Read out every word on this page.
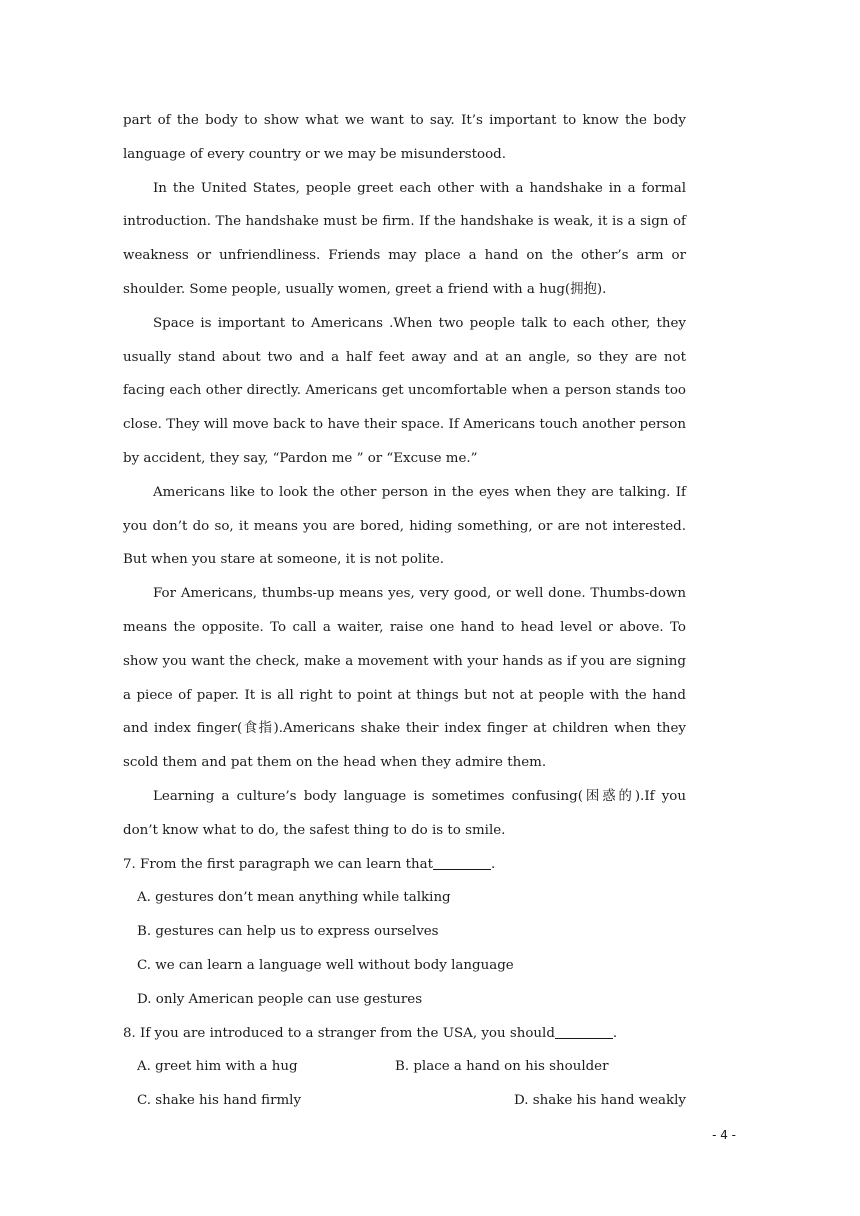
part of the body to show what we want to say. It’s important to know the body language of every country or we may be misunderstood.

In the United States, people greet each other with a handshake in a formal introduction. The handshake must be firm. If the handshake is weak, it is a sign of weakness or unfriendliness. Friends may place a hand on the other’s arm or shoulder. Some people, usually women, greet a friend with a hug(拥抱).

Space is important to Americans .When two people talk to each other, they usually stand about two and a half feet away and at an angle, so they are not facing each other directly. Americans get uncomfortable when a person stands too close. They will move back to have their space. If Americans touch another person by accident, they say, “Pardon me ” or “Excuse me.”

Americans like to look the other person in the eyes when they are talking. If you don’t do so, it means you are bored, hiding something, or are not interested. But when you stare at someone, it is not polite.

For Americans, thumbs-up means yes, very good, or well done. Thumbs-down means the opposite. To call a waiter, raise one hand to head level or above. To show you want the check, make a movement with your hands as if you are signing a piece of paper. It is all right to point at things but not at people with the hand and index finger(食指).Americans shake their index finger at children when they scold them and pat them on the head when they admire them.

Learning a culture’s body language is sometimes confusing(困惑的).If you don’t know what to do, the safest thing to do is to smile.

7. From the first paragraph we can learn that	.

A. gestures don’t mean anything while talking

B. gestures can help us to express ourselves

C. we can learn a language well without body language

D. only American people can use gestures

8. If you are introduced to a stranger from the USA, you should	.

A. greet him with a hug	B. place a hand on his shoulder
C. shake his hand firmly	D. shake his hand weakly
- 4 -
